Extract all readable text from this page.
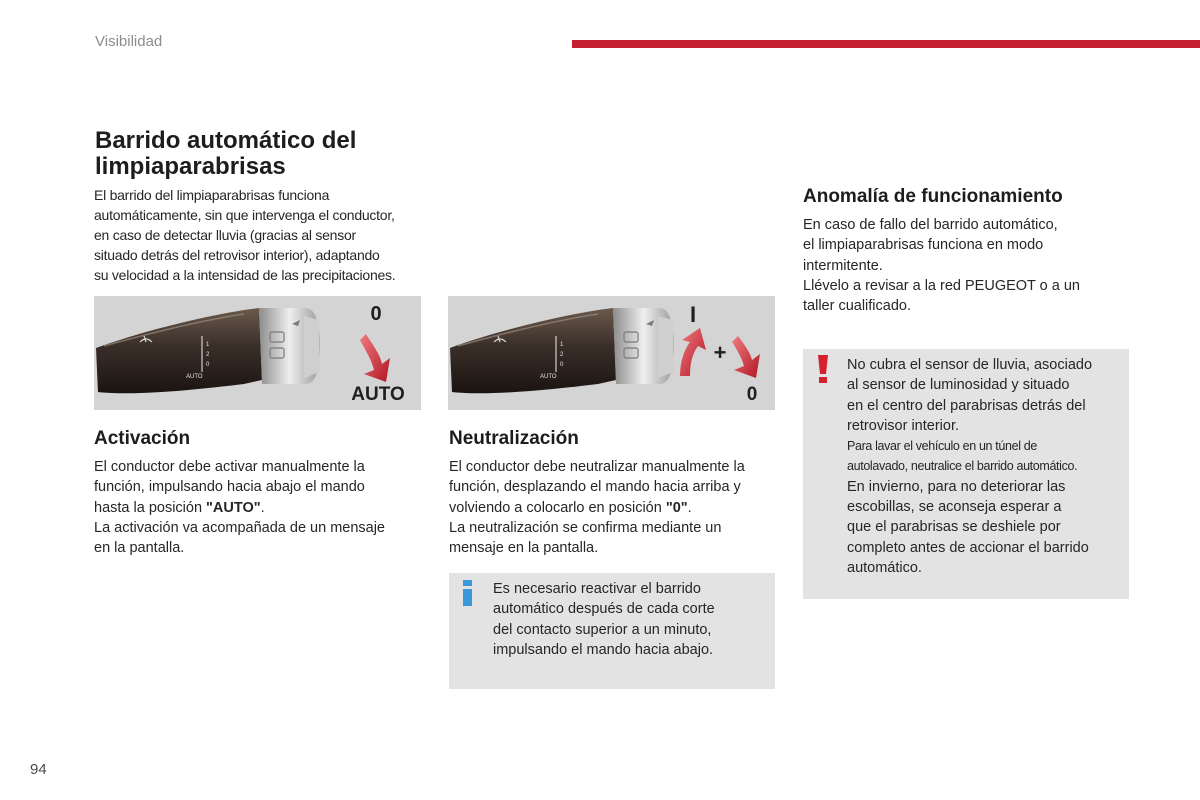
Visibilidad
Barrido automático del
limpiaparabrisas
El barrido del limpiaparabrisas funciona
automáticamente, sin que intervenga el conductor,
en caso de detectar lluvia (gracias al sensor
situado detrás del retrovisor interior), adaptando
su velocidad a la intensidad de las precipitaciones.
1
2
0
AUTO
0
AUTO
1
2
0
AUTO
I
+
0
Activación
El conductor debe activar manualmente la
función, impulsando hacia abajo el mando
hasta la posición "AUTO".
La activación va acompañada de un mensaje
en la pantalla.
Neutralización
El conductor debe neutralizar manualmente la
función, desplazando el mando hacia arriba y
volviendo a colocarlo en posición "0".
La neutralización se confirma mediante un
mensaje en la pantalla.
Es necesario reactivar el barrido
automático después de cada corte
del contacto superior a un minuto,
impulsando el mando hacia abajo.
Anomalía de funcionamiento
En caso de fallo del barrido automático,
el limpiaparabrisas funciona en modo
intermitente.
Llévelo a revisar a la red PEUGEOT o a un
taller cualificado.
No cubra el sensor de lluvia, asociado
al sensor de luminosidad y situado
en el centro del parabrisas detrás del
retrovisor interior.
Para lavar el vehículo en un túnel de
autolavado, neutralice el barrido automático.
En invierno, para no deteriorar las
escobillas, se aconseja esperar a
que el parabrisas se deshiele por
completo antes de accionar el barrido
automático.
94
